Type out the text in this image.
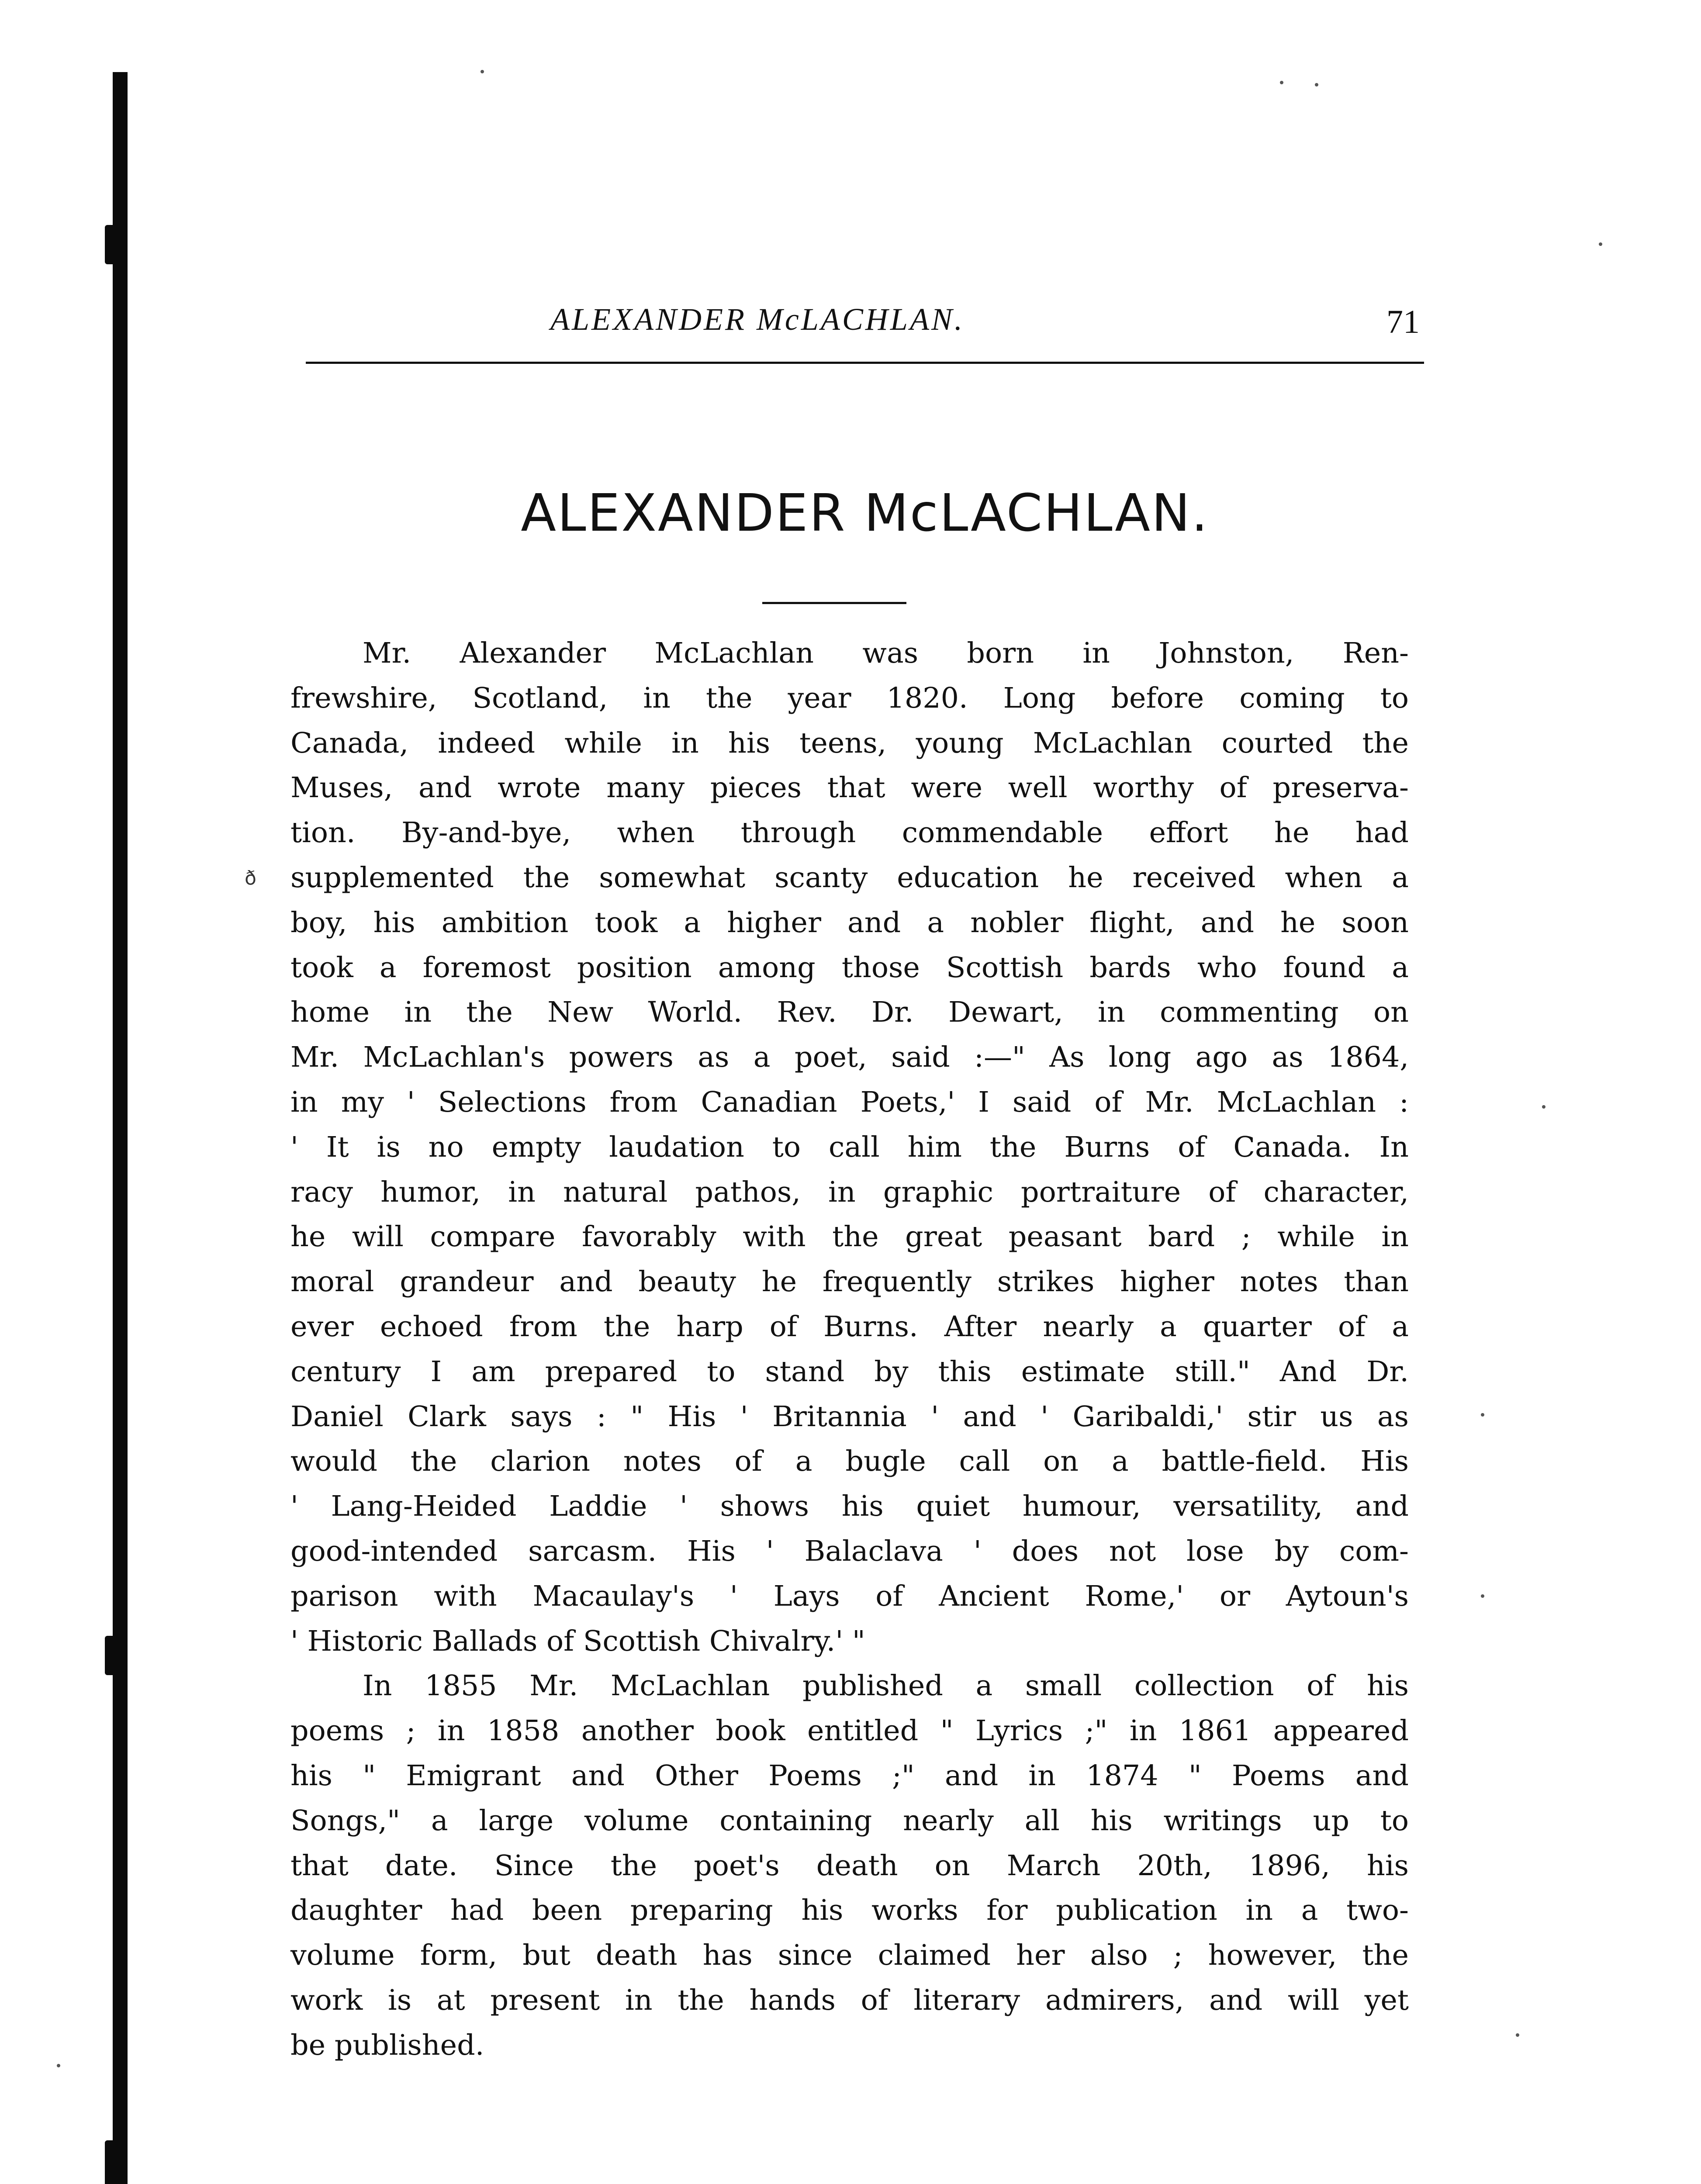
ALEXANDER McLACHLAN.	71
ALEXANDER McLACHLAN.
ð
Mr. Alexander McLachlan was born in Johnston, Ren-
frewshire, Scotland, in the year 1820. Long before coming to
Canada, indeed while in his teens, young McLachlan courted the
Muses, and wrote many pieces that were well worthy of preserva-
tion. By-and-bye, when through commendable effort he had
supplemented the somewhat scanty education he received when a
boy, his ambition took a higher and a nobler flight, and he soon
took a foremost position among those Scottish bards who found a
home in the New World. Rev. Dr. Dewart, in commenting on
Mr. McLachlan's powers as a poet, said :—" As long ago as 1864,
in my ' Selections from Canadian Poets,' I said of Mr. McLachlan :
' It is no empty laudation to call him the Burns of Canada. In
racy humor, in natural pathos, in graphic portraiture of character,
he will compare favorably with the great peasant bard ; while in
moral grandeur and beauty he frequently strikes higher notes than
ever echoed from the harp of Burns. After nearly a quarter of a
century I am prepared to stand by this estimate still." And Dr.
Daniel Clark says : " His ' Britannia ' and ' Garibaldi,' stir us as
would the clarion notes of a bugle call on a battle-field. His
' Lang-Heided Laddie ' shows his quiet humour, versatility, and
good-intended sarcasm. His ' Balaclava ' does not lose by com-
parison with Macaulay's ' Lays of Ancient Rome,' or Aytoun's
' Historic Ballads of Scottish Chivalry.' "
In 1855 Mr. McLachlan published a small collection of his
poems ; in 1858 another book entitled " Lyrics ;" in 1861 appeared
his " Emigrant and Other Poems ;" and in 1874 " Poems and
Songs," a large volume containing nearly all his writings up to
that date. Since the poet's death on March 20th, 1896, his
daughter had been preparing his works for publication in a two-
volume form, but death has since claimed her also ; however, the
work is at present in the hands of literary admirers, and will yet
be published.
